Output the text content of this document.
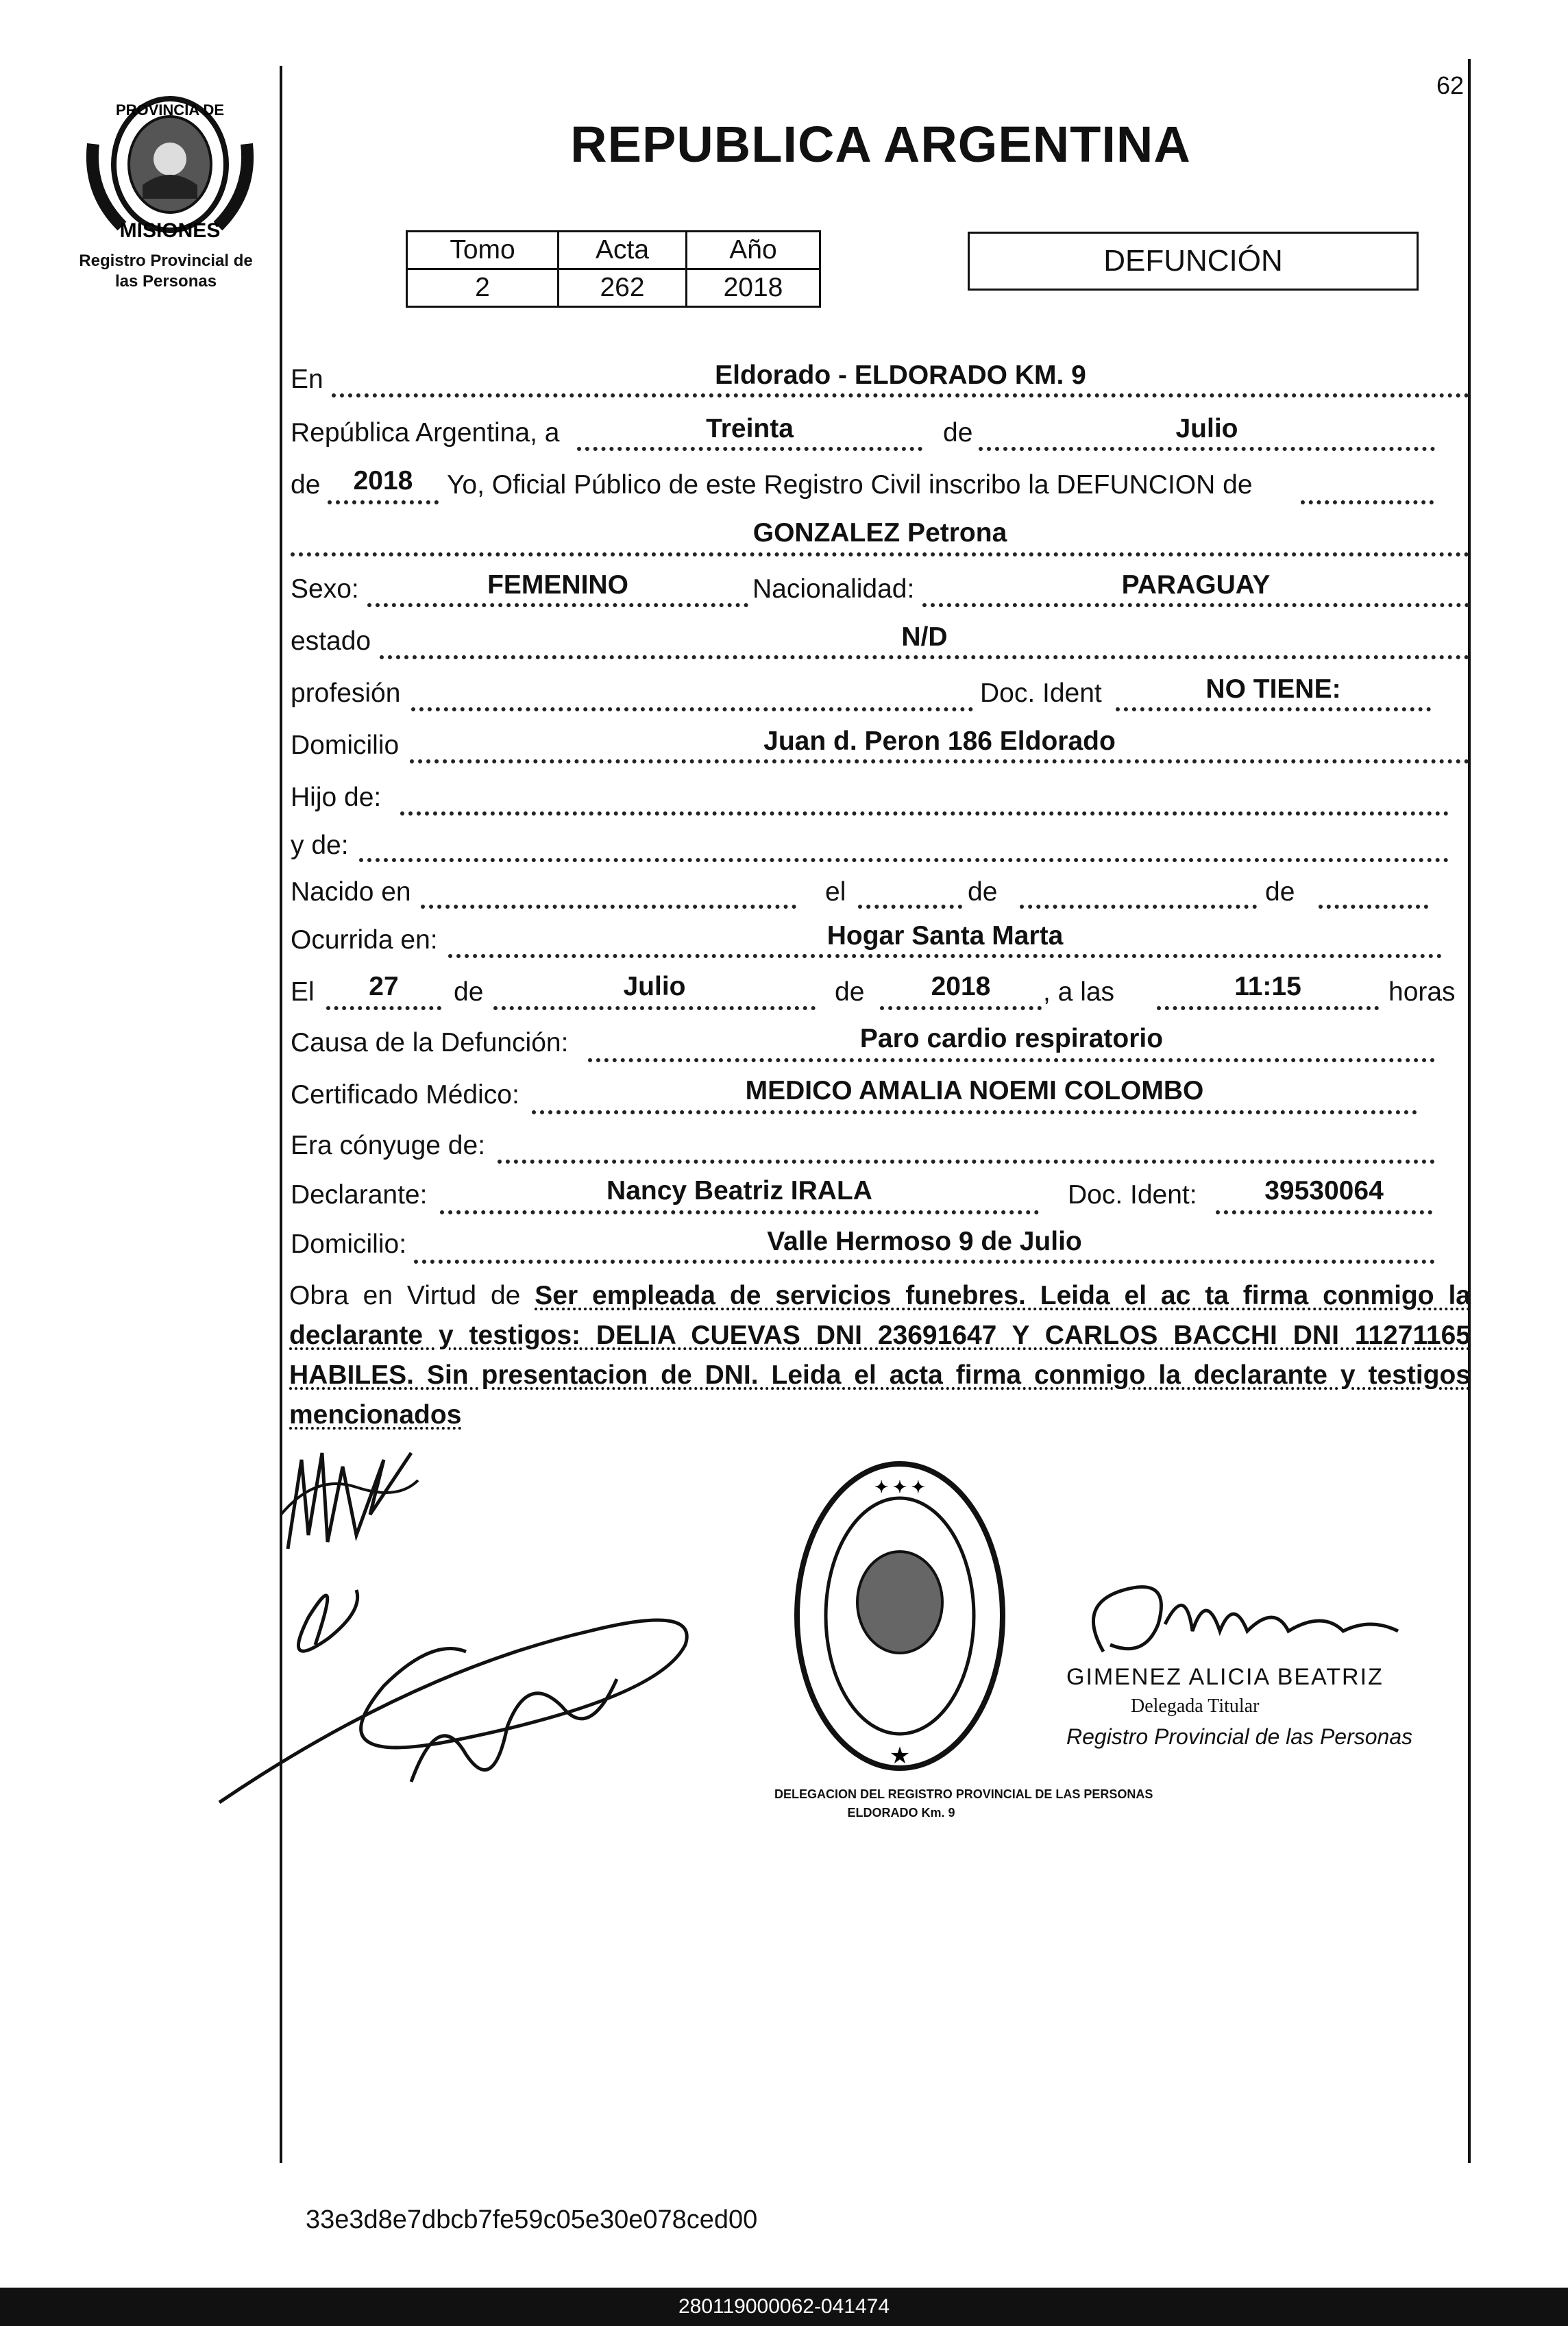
62
PROVINCIA DE
MISIONES
Registro Provincial de
las Personas
REPUBLICA ARGENTINA
Tomo	Acta	Año
2	262	2018
DEFUNCIÓN
En	Eldorado - ELDORADO KM. 9
República Argentina, a	Treinta	de	Julio
de	2018	Yo, Oficial Público de este Registro Civil inscribo la DEFUNCION de
GONZALEZ Petrona
Sexo:	FEMENINO	Nacionalidad:	PARAGUAY
estado	N/D
profesión	Doc. Ident	NO TIENE:
Domicilio	Juan d. Peron 186 Eldorado
Hijo de:
y de:
Nacido en	el	de	de
Ocurrida en:	Hogar Santa Marta
El	27	de	Julio	de	2018	, a las	11:15	horas
Causa de la Defunción:	Paro cardio respiratorio
Certificado Médico:	MEDICO AMALIA NOEMI COLOMBO
Era cónyuge de:
Declarante:	Nancy Beatriz IRALA	Doc. Ident:	39530064
Domicilio:	Valle Hermoso 9 de Julio
Obra en Virtud de Ser empleada de servicios funebres. Leida el ac ta firma conmigo la declarante y testigos: DELIA CUEVAS DNI 23691647 Y CARLOS BACCHI DNI 11271165 HABILES. Sin presentacion de DNI. Leida el acta firma conmigo la declarante y testigos mencionados
✦ ✦ ✦
★
DELEGACION DEL REGISTRO PROVINCIAL DE LAS PERSONAS
ELDORADO Km. 9
GIMENEZ ALICIA BEATRIZ
Delegada Titular
Registro Provincial de las Personas
33e3d8e7dbcb7fe59c05e30e078ced00
280119000062-041474
